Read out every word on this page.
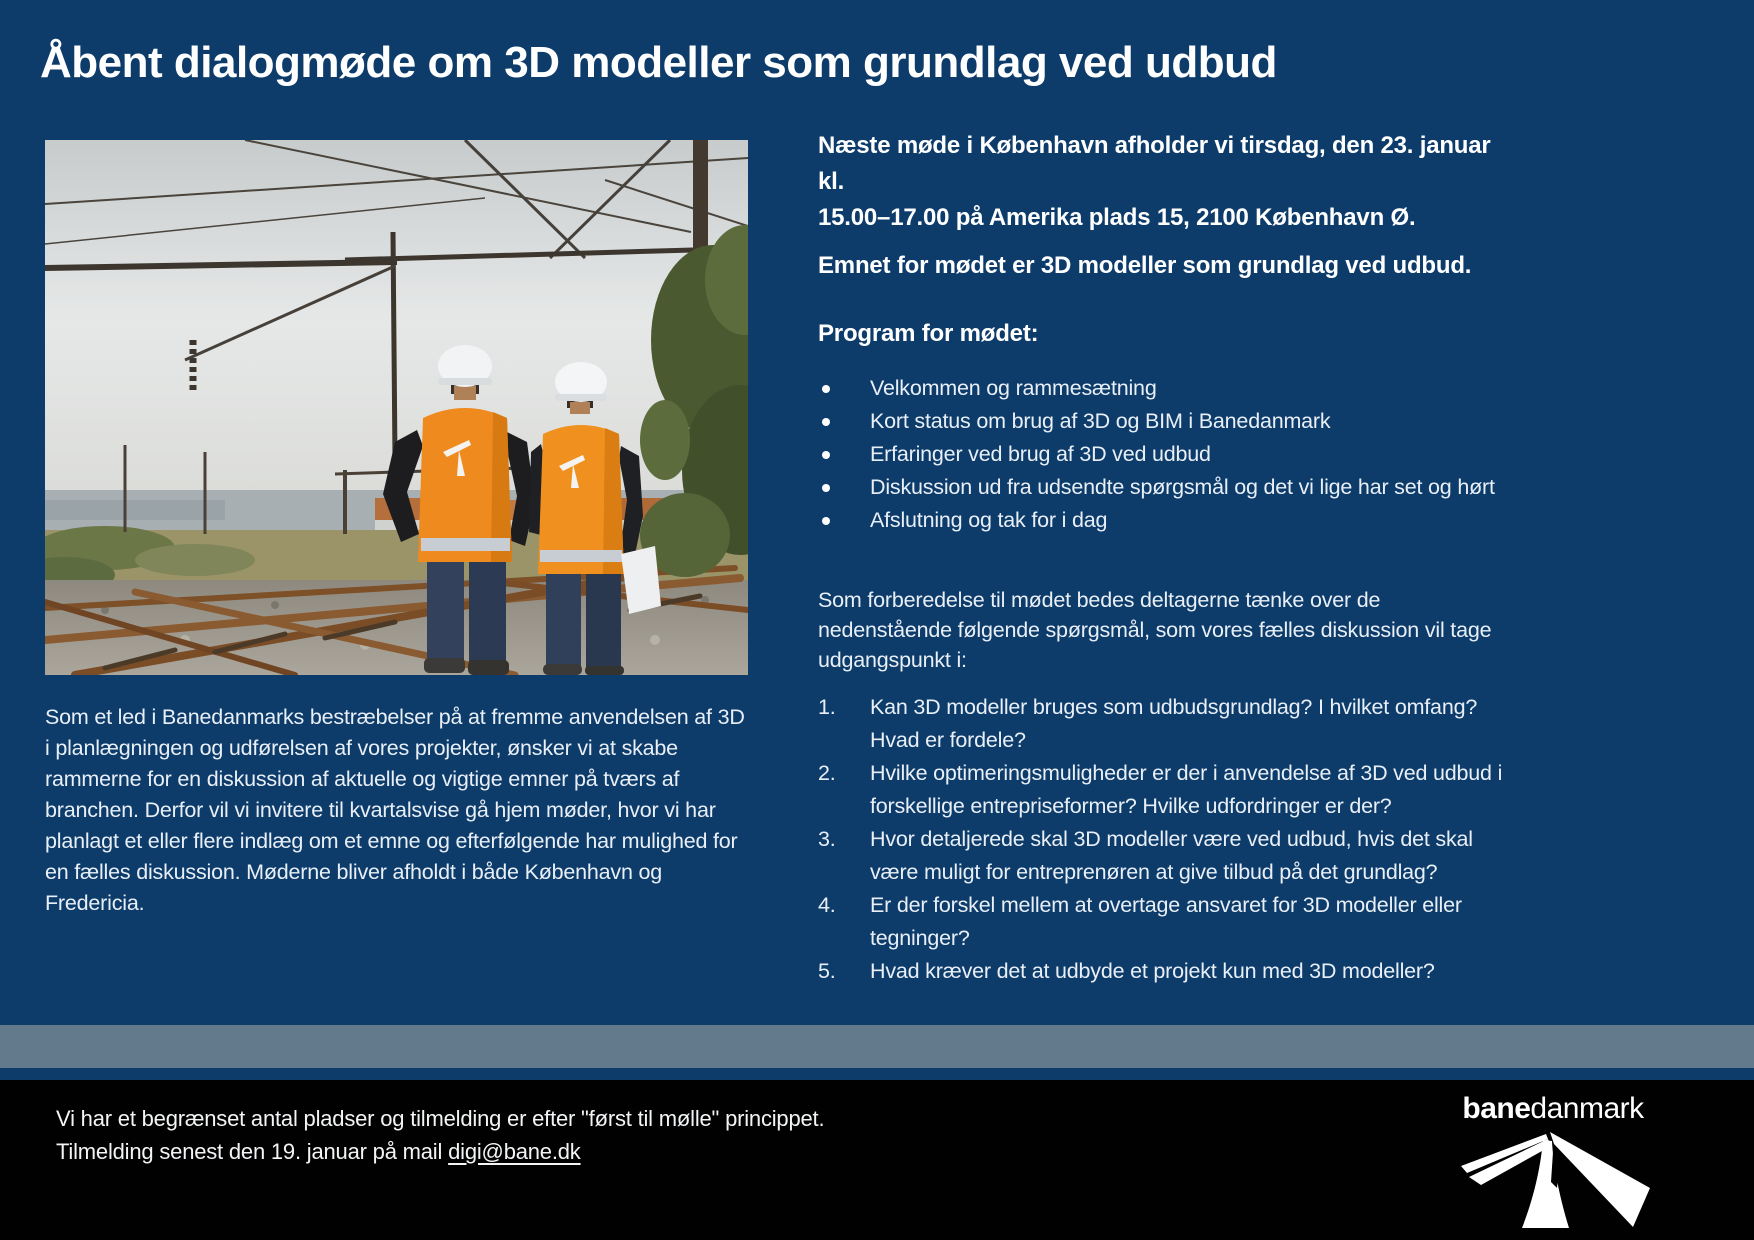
Åbent dialogmøde om 3D modeller som grundlag ved udbud

Som et led i Banedanmarks bestræbelser på at fremme anvendelsen af 3D i planlægningen og udførelsen af vores projekter, ønsker vi at skabe rammerne for en diskussion af aktuelle og vigtige emner på tværs af branchen. Derfor vil vi invitere til kvartalsvise gå hjem møder, hvor vi har planlagt et eller flere indlæg om et emne og efterfølgende har mulighed for en fælles diskussion. Møderne bliver afholdt i både København og Fredericia.

Næste møde i København afholder vi tirsdag, den 23. januar kl.
15.00–17.00 på Amerika plads 15, 2100 København Ø.
Emnet for mødet er 3D modeller som grundlag ved udbud.
Program for mødet:
Velkommen og rammesætning
Kort status om brug af 3D og BIM i Banedanmark
Erfaringer ved brug af 3D ved udbud
Diskussion ud fra udsendte spørgsmål og det vi lige har set og hørt
Afslutning og tak for i dag

Som forberedelse til mødet bedes deltagerne tænke over de nedenstående følgende spørgsmål, som vores fælles diskussion vil tage udgangspunkt i:

1.	Kan 3D modeller bruges som udbudsgrundlag? I hvilket omfang? Hvad er fordele?
2.	Hvilke optimeringsmuligheder er der i anvendelse af 3D ved udbud i forskellige entrepriseformer? Hvilke udfordringer er der?
3.	Hvor detaljerede skal 3D modeller være ved udbud, hvis det skal være muligt for entreprenøren at give tilbud på det grundlag?
4.	Er der forskel mellem at overtage ansvaret for 3D modeller eller tegninger?
5.	Hvad kræver det at udbyde et projekt kun med 3D modeller?
Vi har et begrænset antal pladser og tilmelding er efter "først til mølle" princippet.
Tilmelding senest den 19. januar på mail digi@bane.dk
banedanmark
